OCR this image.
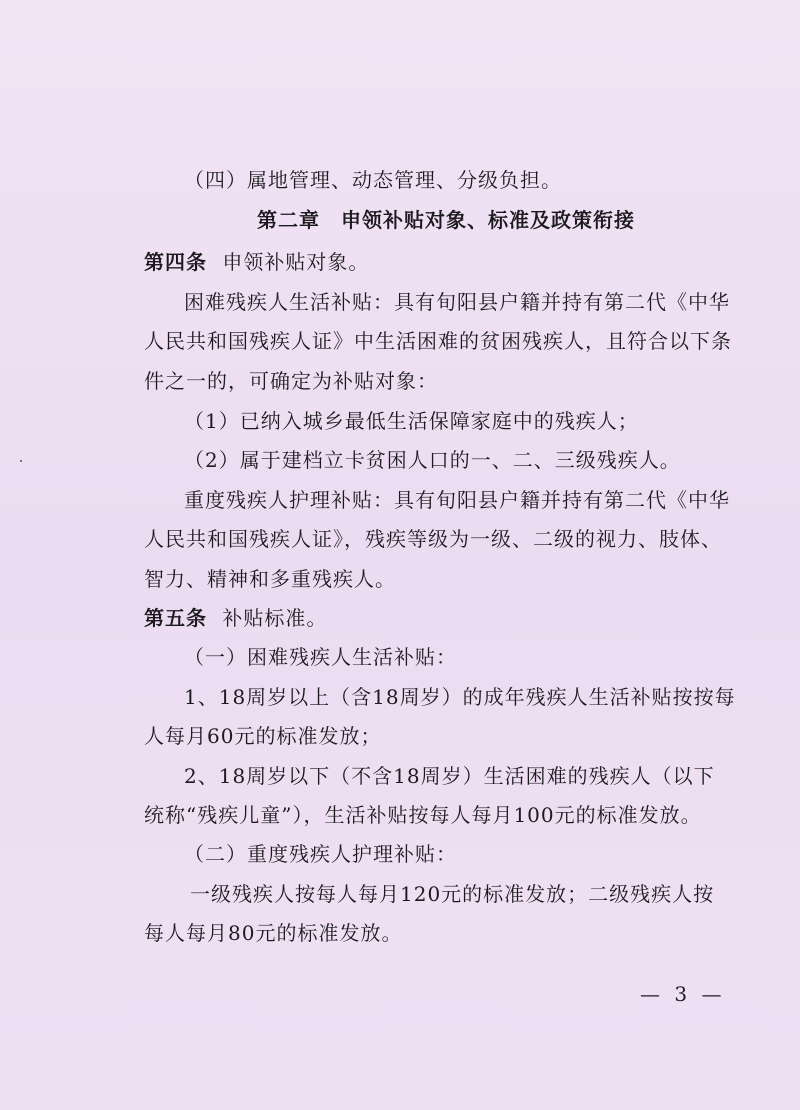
（四）属地管理、动态管理、分级负担。
第二章　申领补贴对象、标准及政策衔接
第四条 申领补贴对象。
困难残疾人生活补贴：具有旬阳县户籍并持有第二代《中华
人民共和国残疾人证》中生活困难的贫困残疾人，且符合以下条
件之一的，可确定为补贴对象：
（1）已纳入城乡最低生活保障家庭中的残疾人；
（2）属于建档立卡贫困人口的一、二、三级残疾人。
重度残疾人护理补贴：具有旬阳县户籍并持有第二代《中华
人民共和国残疾人证》，残疾等级为一级、二级的视力、肢体、
智力、精神和多重残疾人。
第五条 补贴标准。
（一）困难残疾人生活补贴：
1、18周岁以上（含18周岁）的成年残疾人生活补贴按按每
人每月60元的标准发放；
2、18周岁以下（不含18周岁）生活困难的残疾人（以下
统称“残疾儿童”），生活补贴按每人每月100元的标准发放。
（二）重度残疾人护理补贴：
一级残疾人按每人每月120元的标准发放；二级残疾人按
每人每月80元的标准发放。
— 3 —
